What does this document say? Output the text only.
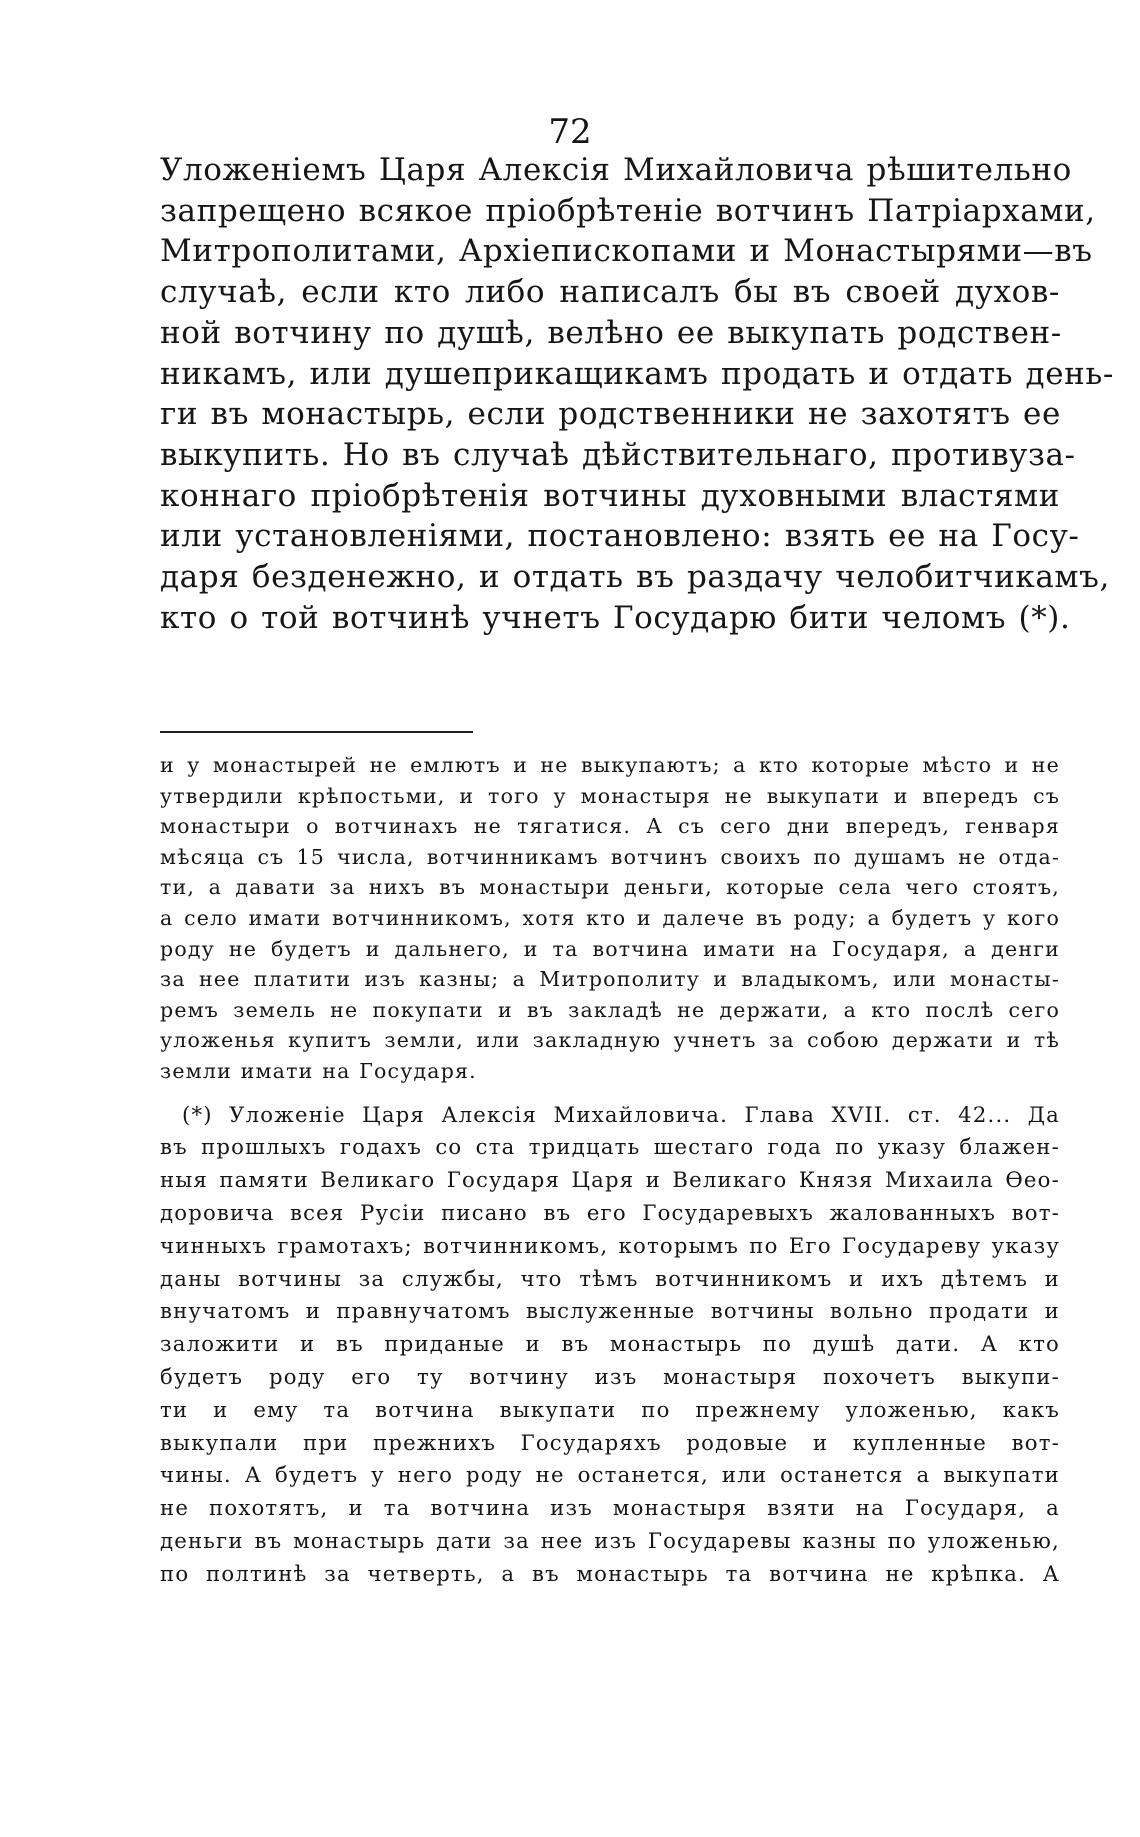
72
Уложеніемъ Царя Алексія Михайловича рѣшительно
запрещено всякое пріобрѣтеніе вотчинъ Патріархами,
Митрополитами, Архіепископами и Монастырями—въ
случаѣ, если кто либо написалъ бы въ своей духов-
ной вотчину по душѣ, велѣно ее выкупать родствен-
никамъ, или душеприкащикамъ продать и отдать день-
ги въ монастырь, если родственники не захотятъ ее
выкупить. Но въ случаѣ дѣйствительнаго, противуза-
коннаго пріобрѣтенія вотчины духовными властями
или установленіями, постановлено: взять ее на Госу-
даря безденежно, и отдать въ раздачу челобитчикамъ,
кто о той вотчинѣ учнетъ Государю бити челомъ (*).

и у монастырей не емлютъ и не выкупаютъ; а кто которые мѣсто и не
утвердили крѣпостьми, и того у монастыря не выкупати и впередъ съ
монастыри о вотчинахъ не тягатися. А съ сего дни впередъ, генваря
мѣсяца съ 15 числа, вотчинникамъ вотчинъ своихъ по душамъ не отда-
ти, а давати за нихъ въ монастыри деньги, которые села чего стоятъ,
а село имати вотчинникомъ, хотя кто и далече въ роду; а будетъ у кого
роду не будетъ и дальнего, и та вотчина имати на Государя, а денги
за нее платити изъ казны; а Митрополиту и владыкомъ, или монасты-
ремъ земель не покупати и въ закладѣ не держати, а кто послѣ сего
уложенья купитъ земли, или закладную учнетъ за собою держати и тѣ
земли имати на Государя.

(*) Уложеніе Царя Алексія Михайловича. Глава XVII. ст. 42... Да
въ прошлыхъ годахъ со ста тридцать шестаго года по указу блажен-
ныя памяти Великаго Государя Царя и Великаго Князя Михаила Ѳео-
доровича всея Русіи писано въ его Государевыхъ жалованныхъ вот-
чинныхъ грамотахъ; вотчинникомъ, которымъ по Его Государеву указу
даны вотчины за службы, что тѣмъ вотчинникомъ и ихъ дѣтемъ и
внучатомъ и правнучатомъ выслуженные вотчины вольно продати и
заложити и въ приданые и въ монастырь по душѣ дати. А кто
будетъ роду его ту вотчину изъ монастыря похочетъ выкупи-
ти и ему та вотчина выкупати по прежнему уложенью, какъ
выкупали при прежнихъ Государяхъ родовые и купленные вот-
чины. А будетъ у него роду не останется, или останется а выкупати
не похотятъ, и та вотчина изъ монастыря взяти на Государя, а
деньги въ монастырь дати за нее изъ Государевы казны по уложенью,
по полтинѣ за четверть, а въ монастырь та вотчина не крѣпка. А
